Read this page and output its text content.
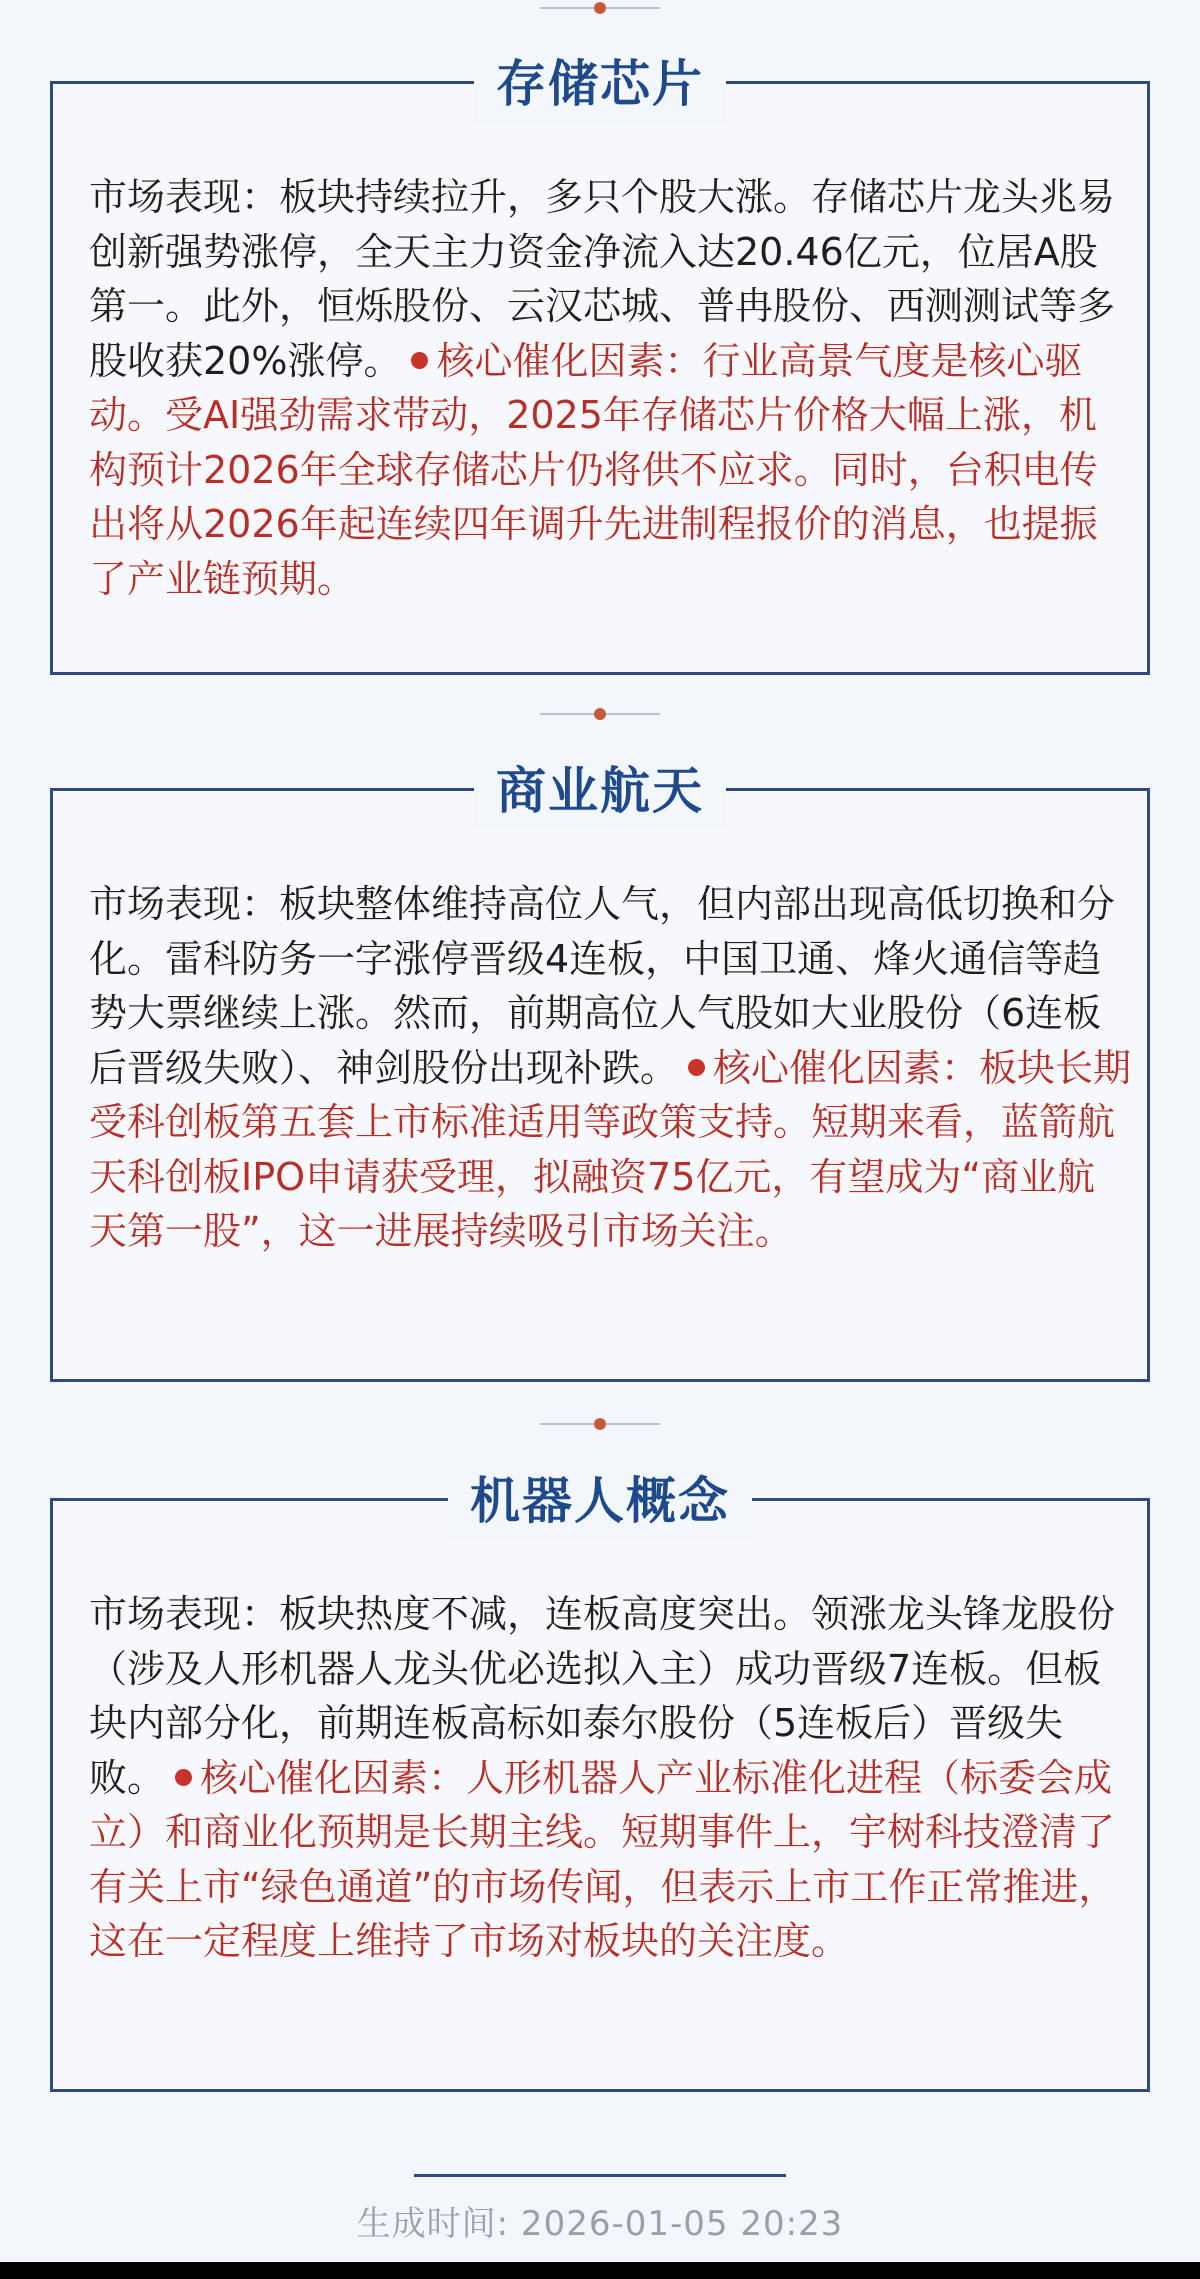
存储芯片
市场表现：板块持续拉升，多只个股大涨。存储芯片龙头兆易创新强势涨停，全天主力资金净流入达20.46亿元，位居A股第一。此外，恒烁股份、云汉芯城、普冉股份、西测测试等多股收获20%涨停。 核心催化因素：行业高景气度是核心驱动。受AI强劲需求带动，2025年存储芯片价格大幅上涨，机构预计2026年全球存储芯片仍将供不应求。同时，台积电传出将从2026年起连续四年调升先进制程报价的消息，也提振了产业链预期。
商业航天
市场表现：板块整体维持高位人气，但内部出现高低切换和分化。雷科防务一字涨停晋级4连板，中国卫通、烽火通信等趋势大票继续上涨。然而，前期高位人气股如大业股份（6连板后晋级失败）、神剑股份出现补跌。 核心催化因素：板块长期受科创板第五套上市标准适用等政策支持。短期来看，蓝箭航天科创板IPO申请获受理，拟融资75亿元，有望成为“商业航天第一股”，这一进展持续吸引市场关注。
机器人概念
市场表现：板块热度不减，连板高度突出。领涨龙头锋龙股份（涉及人形机器人龙头优必选拟入主）成功晋级7连板。但板块内部分化，前期连板高标如泰尔股份（5连板后）晋级失败。 核心催化因素：人形机器人产业标准化进程（标委会成立）和商业化预期是长期主线。短期事件上，宇树科技澄清了有关上市“绿色通道”的市场传闻，但表示上市工作正常推进，这在一定程度上维持了市场对板块的关注度。
生成时间: 2026-01-05 20:23
